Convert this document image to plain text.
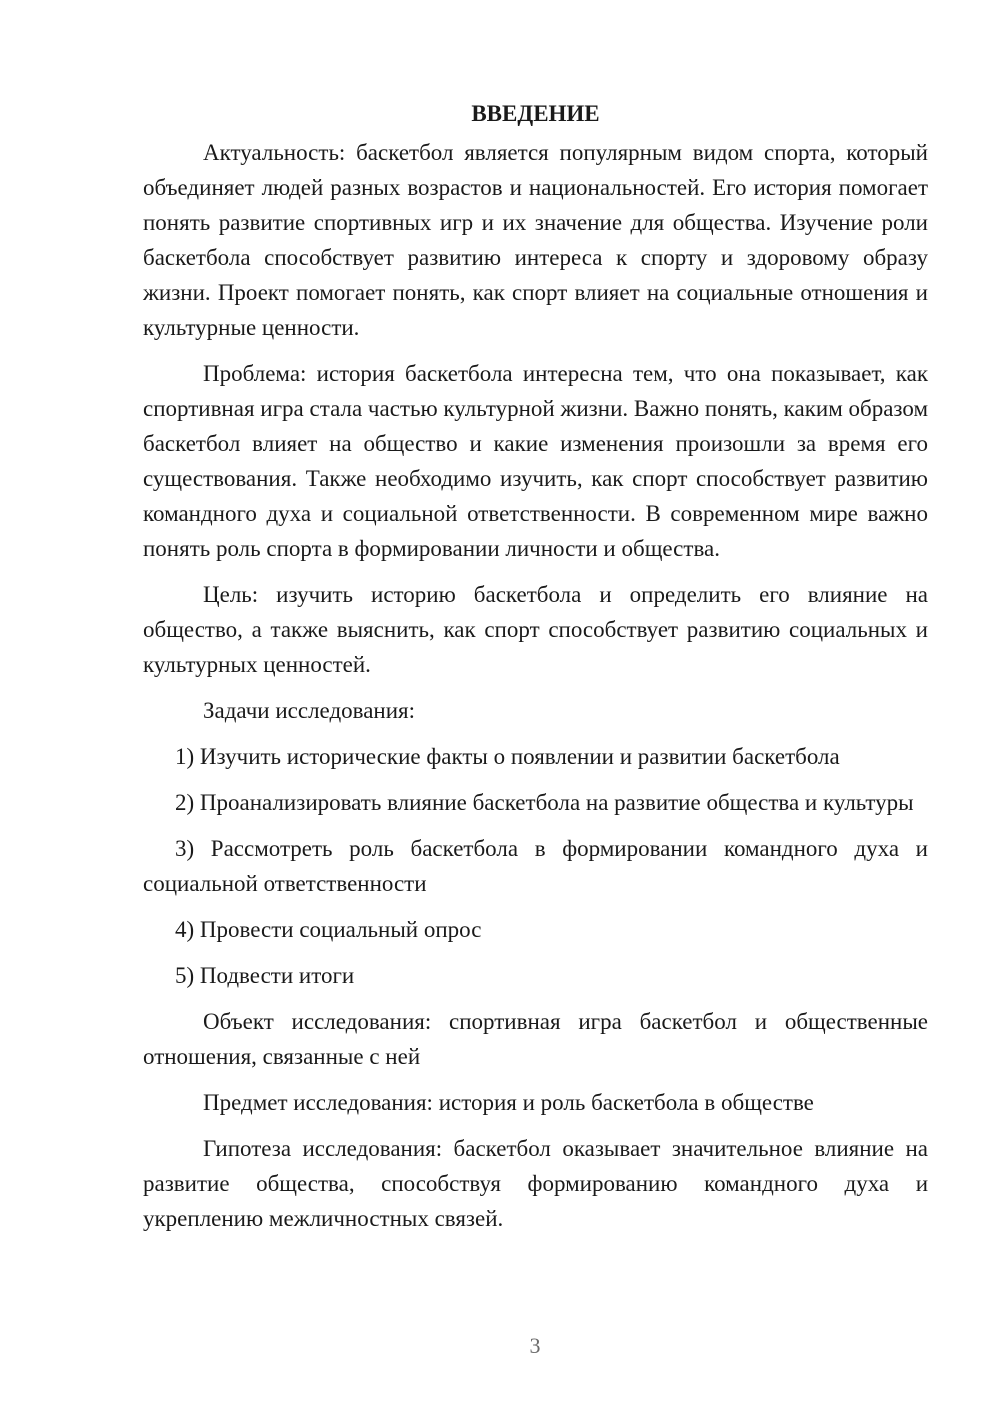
ВВЕДЕНИЕ

Актуальность: баскетбол является популярным видом спорта, который объединяет людей разных возрастов и национальностей. Его история помогает понять развитие спортивных игр и их значение для общества. Изучение роли баскетбола способствует развитию интереса к спорту и здоровому образу жизни. Проект помогает понять, как спорт влияет на социальные отношения и культурные ценности.

Проблема: история баскетбола интересна тем, что она показывает, как спортивная игра стала частью культурной жизни. Важно понять, каким образом баскетбол влияет на общество и какие изменения произошли за время его существования. Также необходимо изучить, как спорт способствует развитию командного духа и социальной ответственности. В современном мире важно понять роль спорта в формировании личности и общества.

Цель: изучить историю баскетбола и определить его влияние на общество, а также выяснить, как спорт способствует развитию социальных и культурных ценностей.

Задачи исследования:

1) Изучить исторические факты о появлении и развитии баскетбола

2) Проанализировать влияние баскетбола на развитие общества и культуры

3) Рассмотреть роль баскетбола в формировании командного духа и социальной ответственности

4) Провести социальный опрос

5) Подвести итоги

Объект исследования: спортивная игра баскетбол и общественные отношения, связанные с ней

Предмет исследования: история и роль баскетбола в обществе

Гипотеза исследования: баскетбол оказывает значительное влияние на развитие общества, способствуя формированию командного духа и укреплению межличностных связей.

3
